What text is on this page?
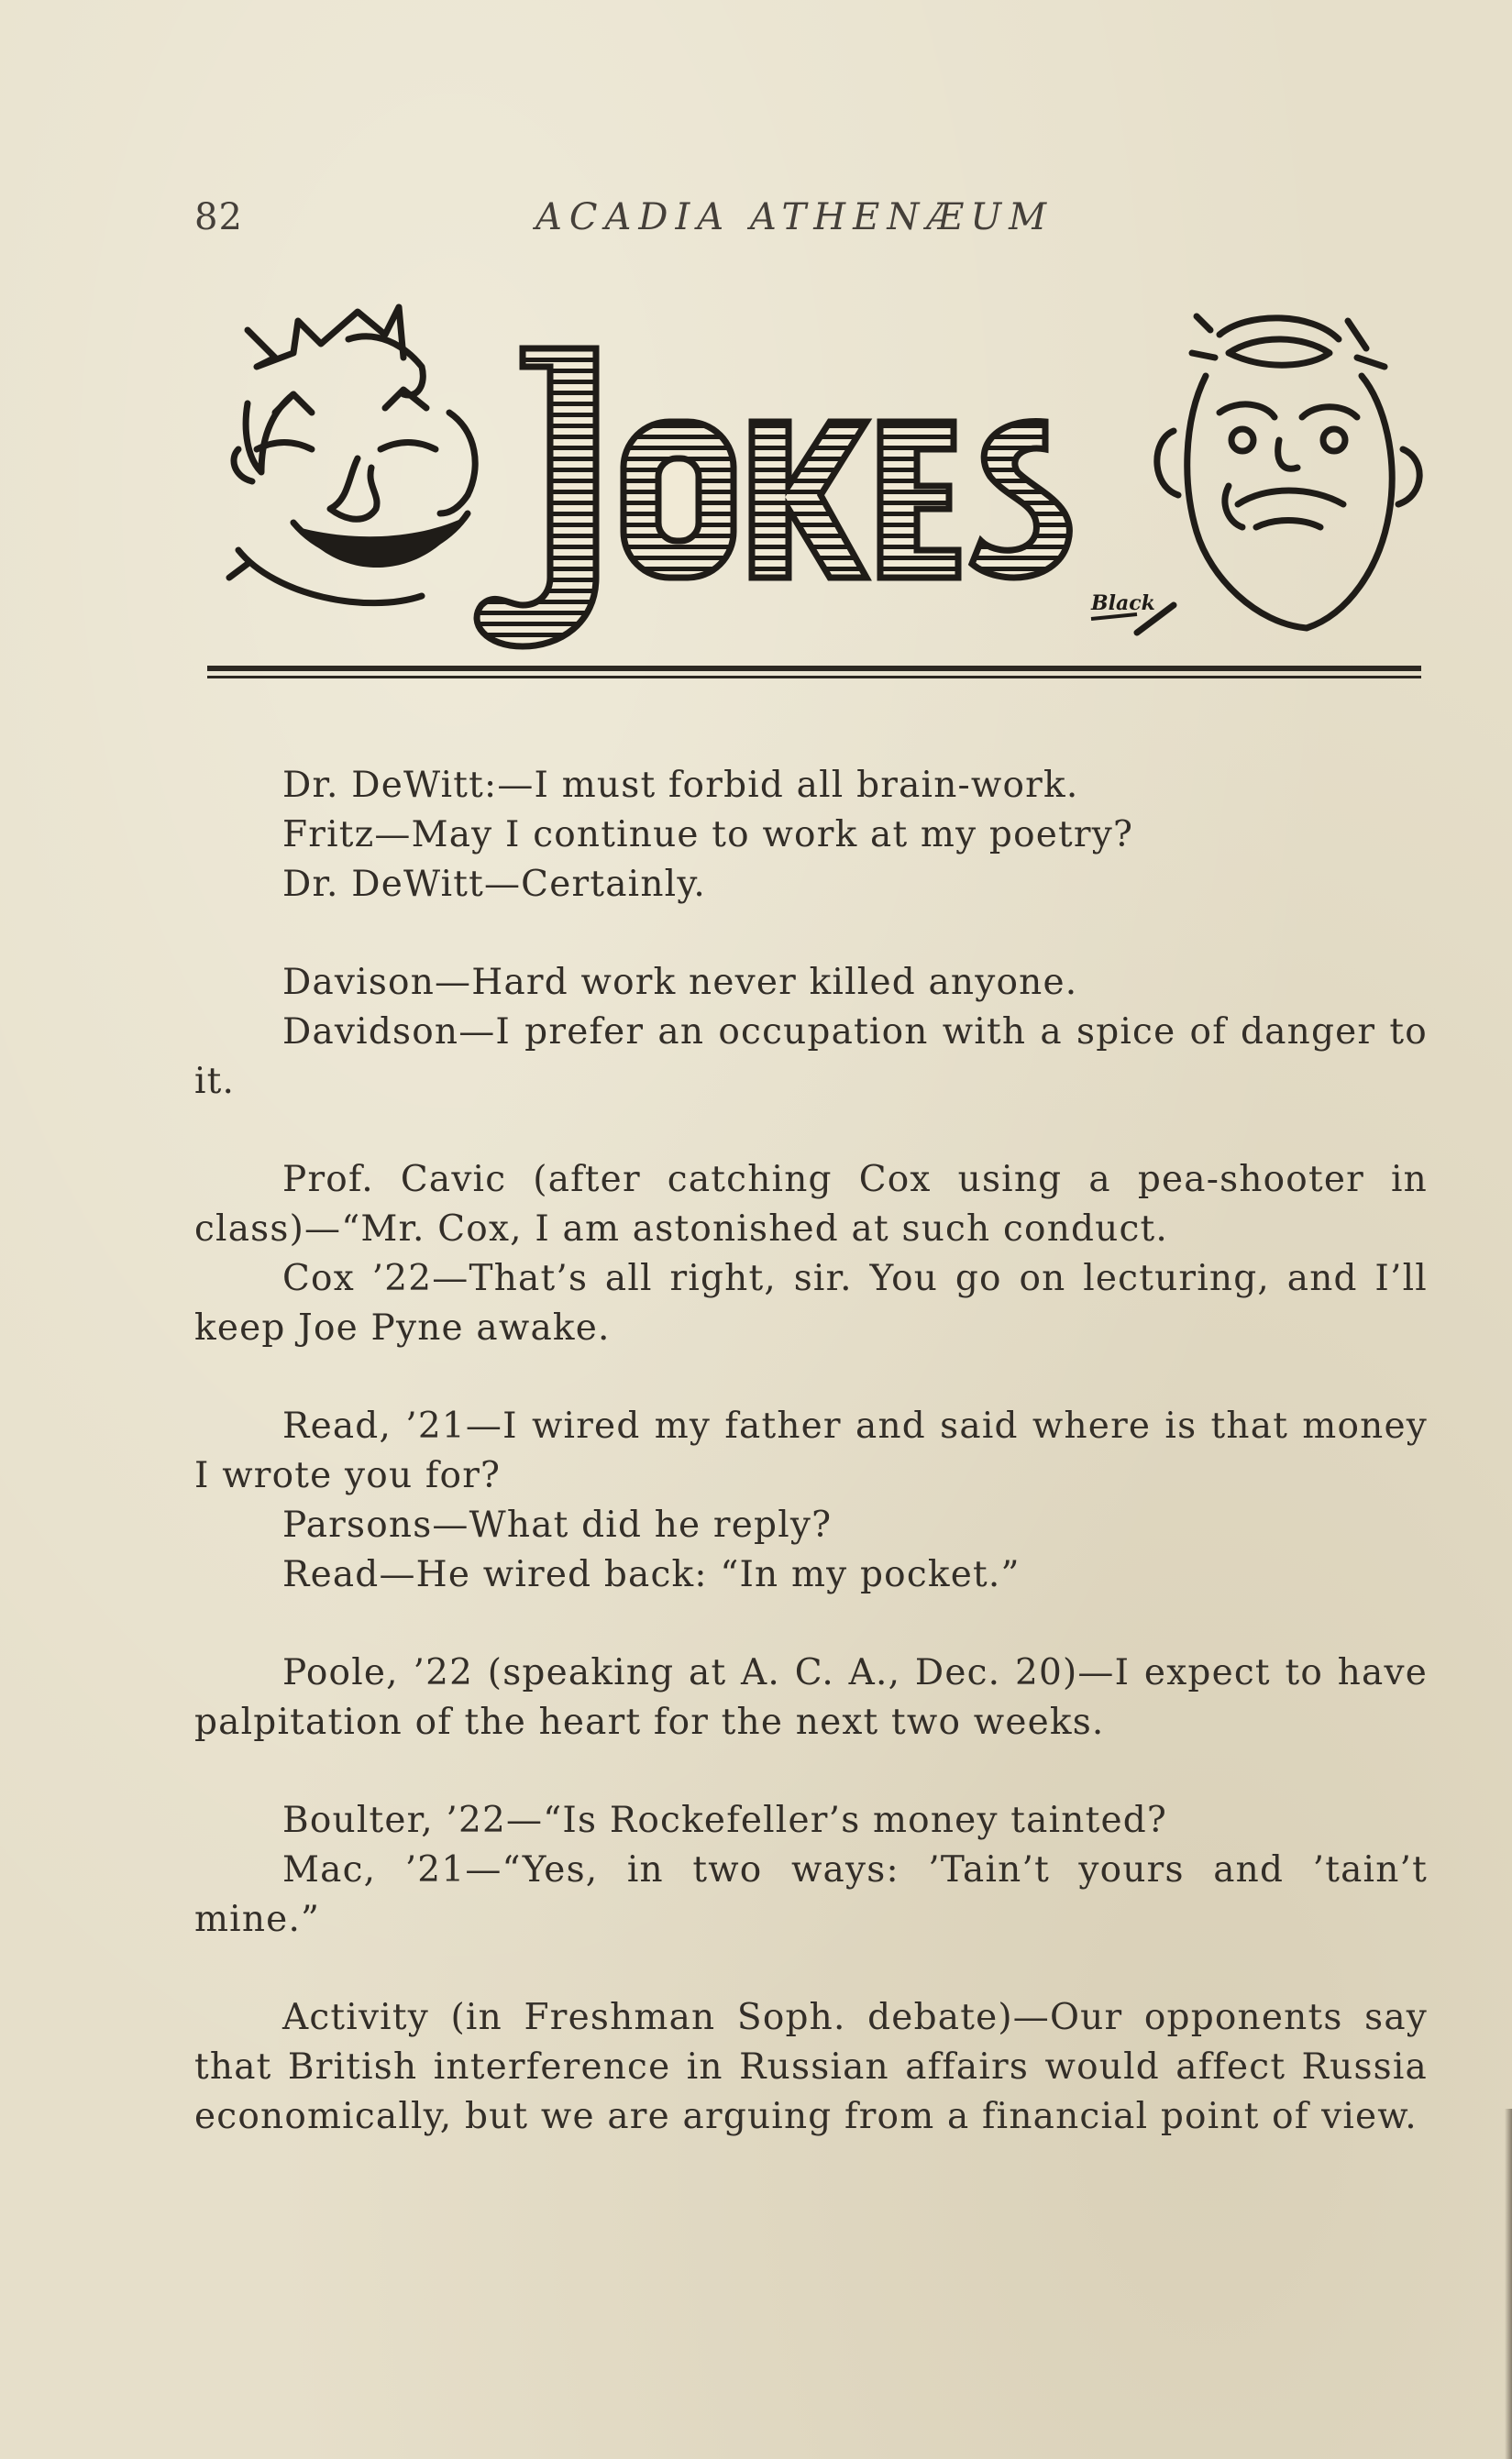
82	ACADIA ATHENÆUM
Black

Dr. DeWitt:—I must forbid all brain-work.

Fritz—May I continue to work at my poetry?

Dr. DeWitt—Certainly.

Davison—Hard work never killed anyone.

Davidson—I prefer an occupation with a spice of danger to it.

Prof. Cavic (after catching Cox using a pea-shooter in class)—“Mr. Cox, I am astonished at such conduct.

Cox ’22—That’s all right, sir. You go on lecturing, and I’ll keep Joe Pyne awake.

Read, ’21—I wired my father and said where is that money I wrote you for?

Parsons—What did he reply?

Read—He wired back: “In my pocket.”

Poole, ’22 (speaking at A. C. A., Dec. 20)—I expect to have palpitation of the heart for the next two weeks.

Boulter, ’22—“Is Rockefeller’s money tainted?

Mac, ’21—“Yes, in two ways: ’Tain’t yours and ’tain’t mine.”

Activity (in Freshman Soph. debate)—Our opponents say that British interference in Russian affairs would affect Russia economically, but we are arguing from a financial point of view.
